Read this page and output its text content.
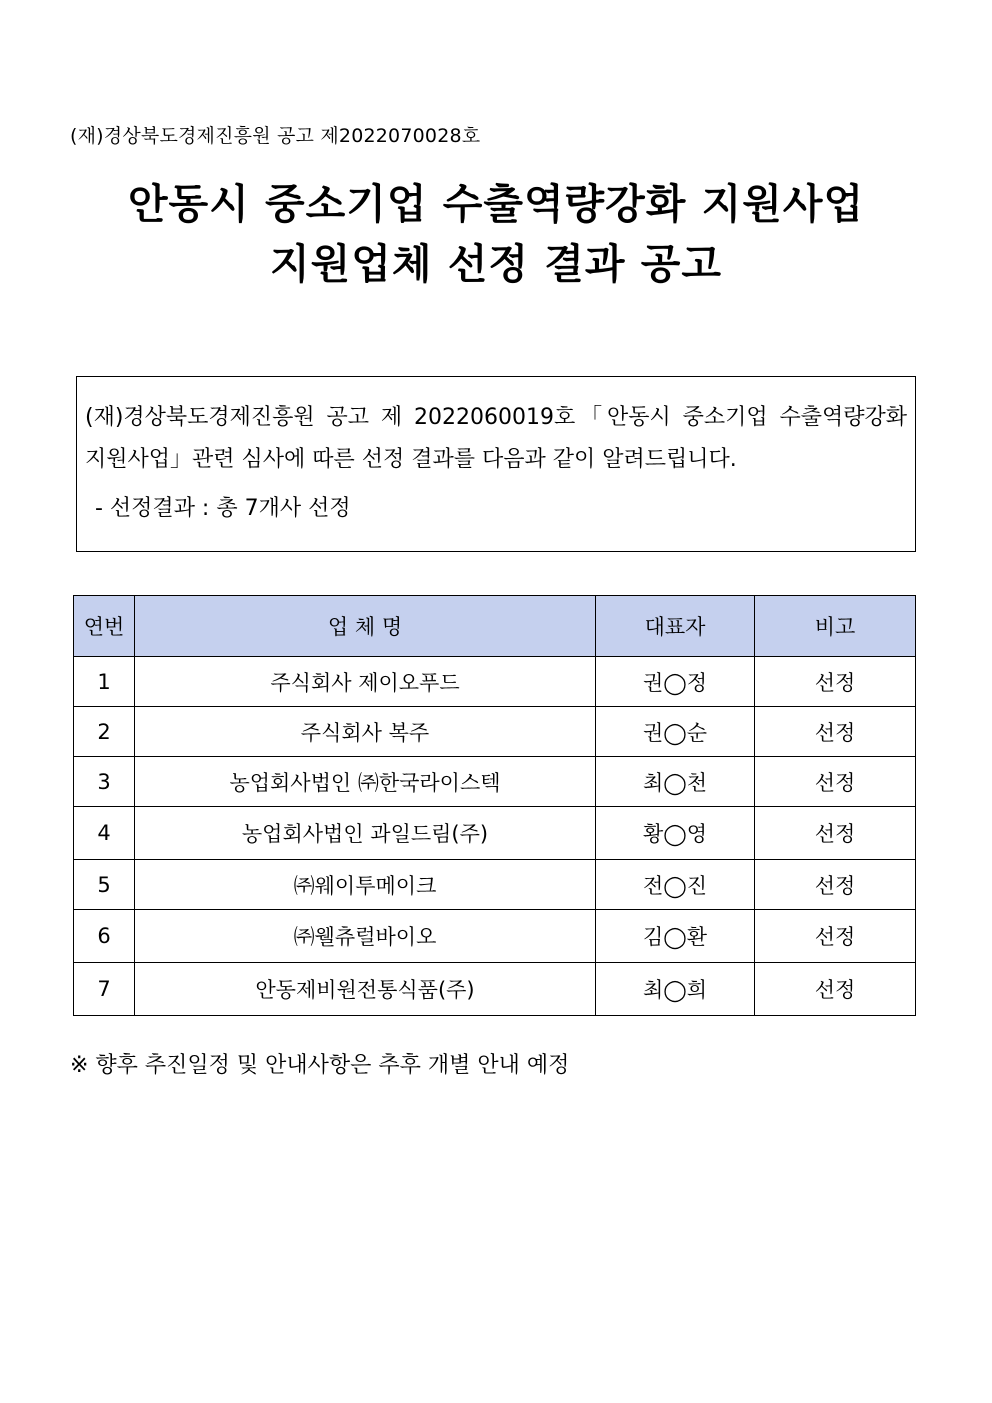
(재)경상북도경제진흥원 공고 제2022070028호
안동시 중소기업 수출역량강화 지원사업
지원업체 선정 결과 공고
(재)경상북도경제진흥원 공고 제 2022060019호「안동시 중소기업 수출역량강화
지원사업」관련 심사에 따른 선정 결과를 다음과 같이 알려드립니다.
- 선정결과 : 총 7개사 선정
연번	업 체 명	대표자	비고
1	주식회사 제이오푸드	권◯정	선정
2	주식회사 복주	권◯순	선정
3	농업회사법인 ㈜한국라이스텍	최◯천	선정
4	농업회사법인 과일드림(주)	황◯영	선정
5	㈜웨이투메이크	전◯진	선정
6	㈜웰츄럴바이오	김◯환	선정
7	안동제비원전통식품(주)	최◯희	선정
※ 향후 추진일정 및 안내사항은 추후 개별 안내 예정
